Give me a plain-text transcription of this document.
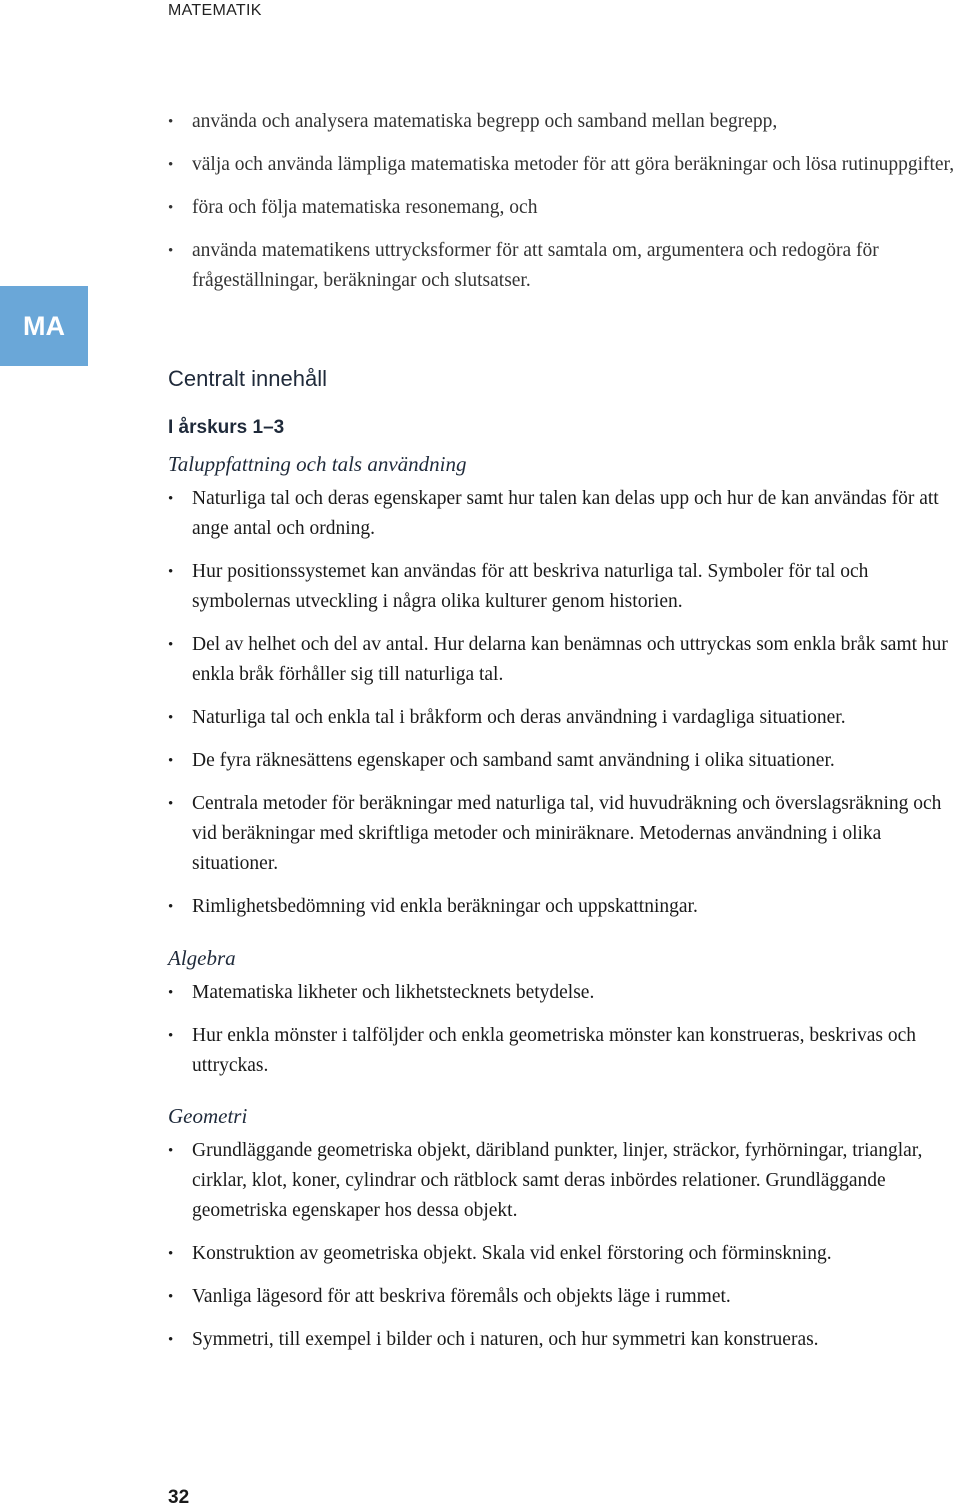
MATEMATIK
MA
• använda och analysera matematiska begrepp och samband mellan begrepp,
• välja och använda lämpliga matematiska metoder för att göra beräkningar och lösa rutinuppgifter,
• föra och följa matematiska resonemang, och
• använda matematikens uttrycksformer för att samtala om, argumentera och redogöra för frågeställningar, beräkningar och slutsatser.
Centralt innehåll
I årskurs 1–3
Taluppfattning och tals användning
• Naturliga tal och deras egenskaper samt hur talen kan delas upp och hur de kan användas för att ange antal och ordning.
• Hur positionssystemet kan användas för att beskriva naturliga tal. Symboler för tal och symbolernas utveckling i några olika kulturer genom historien.
• Del av helhet och del av antal. Hur delarna kan benämnas och uttryckas som enkla bråk samt hur enkla bråk förhåller sig till naturliga tal.
• Naturliga tal och enkla tal i bråkform och deras användning i vardagliga situationer.
• De fyra räknesättens egenskaper och samband samt användning i olika situationer.
• Centrala metoder för beräkningar med naturliga tal, vid huvudräkning och överslagsräkning och vid beräkningar med skriftliga metoder och miniräknare. Metodernas användning i olika situationer.
• Rimlighetsbedömning vid enkla beräkningar och uppskattningar.
Algebra
• Matematiska likheter och likhetstecknets betydelse.
• Hur enkla mönster i talföljder och enkla geometriska mönster kan konstrueras, beskrivas och uttryckas.
Geometri
• Grundläggande geometriska objekt, däribland punkter, linjer, sträckor, fyrhörningar, trianglar, cirklar, klot, koner, cylindrar och rätblock samt deras inbördes relationer. Grundläggande geometriska egenskaper hos dessa objekt.
• Konstruktion av geometriska objekt. Skala vid enkel förstoring och förminskning.
• Vanliga lägesord för att beskriva föremåls och objekts läge i rummet.
• Symmetri, till exempel i bilder och i naturen, och hur symmetri kan konstrueras.
32
